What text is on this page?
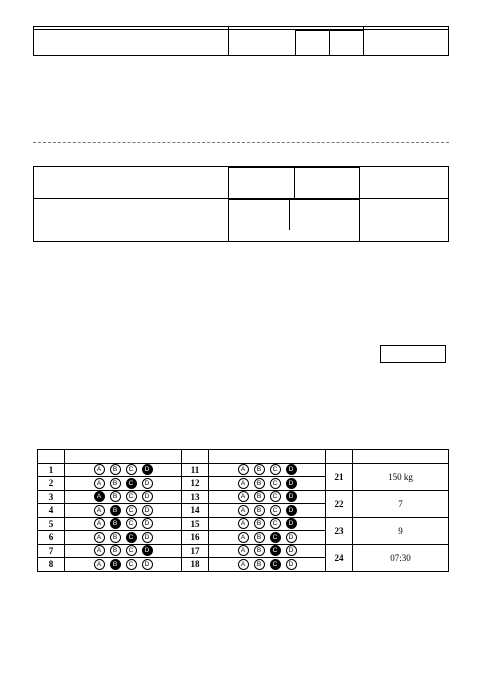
1	A B C D	11	A B C D	21	150 kg
2	A B C D	12	A B C D		
3	A B C D	13	A B C D	22	7
4	A B C D	14	A B C D		
5	A B C D	15	A B C D	23	9
6	A B C D	16	A B C D		
7	A B C D	17	A B C D	24	07:30
8	A B C D	18	A B C D		
